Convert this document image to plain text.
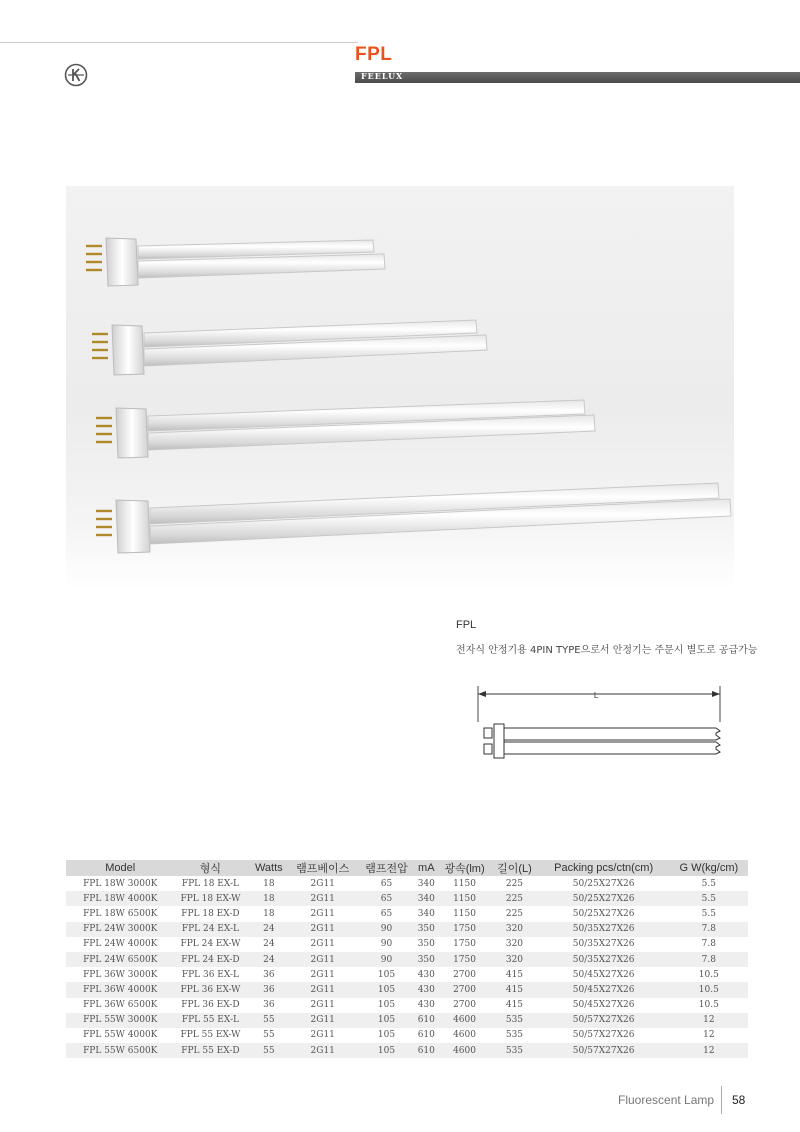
FPL
FEELUX
FPL
전자식 안정기용 4PIN TYPE으로서 안정기는 주문시 별도로 공급가능
L
Model	형식	Watts	램프베이스	램프전압	mA	광속(lm)	길이(L)	Packing pcs/ctn(cm)	G W(kg/cm)
FPL 18W 3000K	FPL 18 EX-L	18	2G11	65	340	1150	225	50/25X27X26	5.5
FPL 18W 4000K	FPL 18 EX-W	18	2G11	65	340	1150	225	50/25X27X26	5.5
FPL 18W 6500K	FPL 18 EX-D	18	2G11	65	340	1150	225	50/25X27X26	5.5
FPL 24W 3000K	FPL 24 EX-L	24	2G11	90	350	1750	320	50/35X27X26	7.8
FPL 24W 4000K	FPL 24 EX-W	24	2G11	90	350	1750	320	50/35X27X26	7.8
FPL 24W 6500K	FPL 24 EX-D	24	2G11	90	350	1750	320	50/35X27X26	7.8
FPL 36W 3000K	FPL 36 EX-L	36	2G11	105	430	2700	415	50/45X27X26	10.5
FPL 36W 4000K	FPL 36 EX-W	36	2G11	105	430	2700	415	50/45X27X26	10.5
FPL 36W 6500K	FPL 36 EX-D	36	2G11	105	430	2700	415	50/45X27X26	10.5
FPL 55W 3000K	FPL 55 EX-L	55	2G11	105	610	4600	535	50/57X27X26	12
FPL 55W 4000K	FPL 55 EX-W	55	2G11	105	610	4600	535	50/57X27X26	12
FPL 55W 6500K	FPL 55 EX-D	55	2G11	105	610	4600	535	50/57X27X26	12
Fluorescent Lamp 58
